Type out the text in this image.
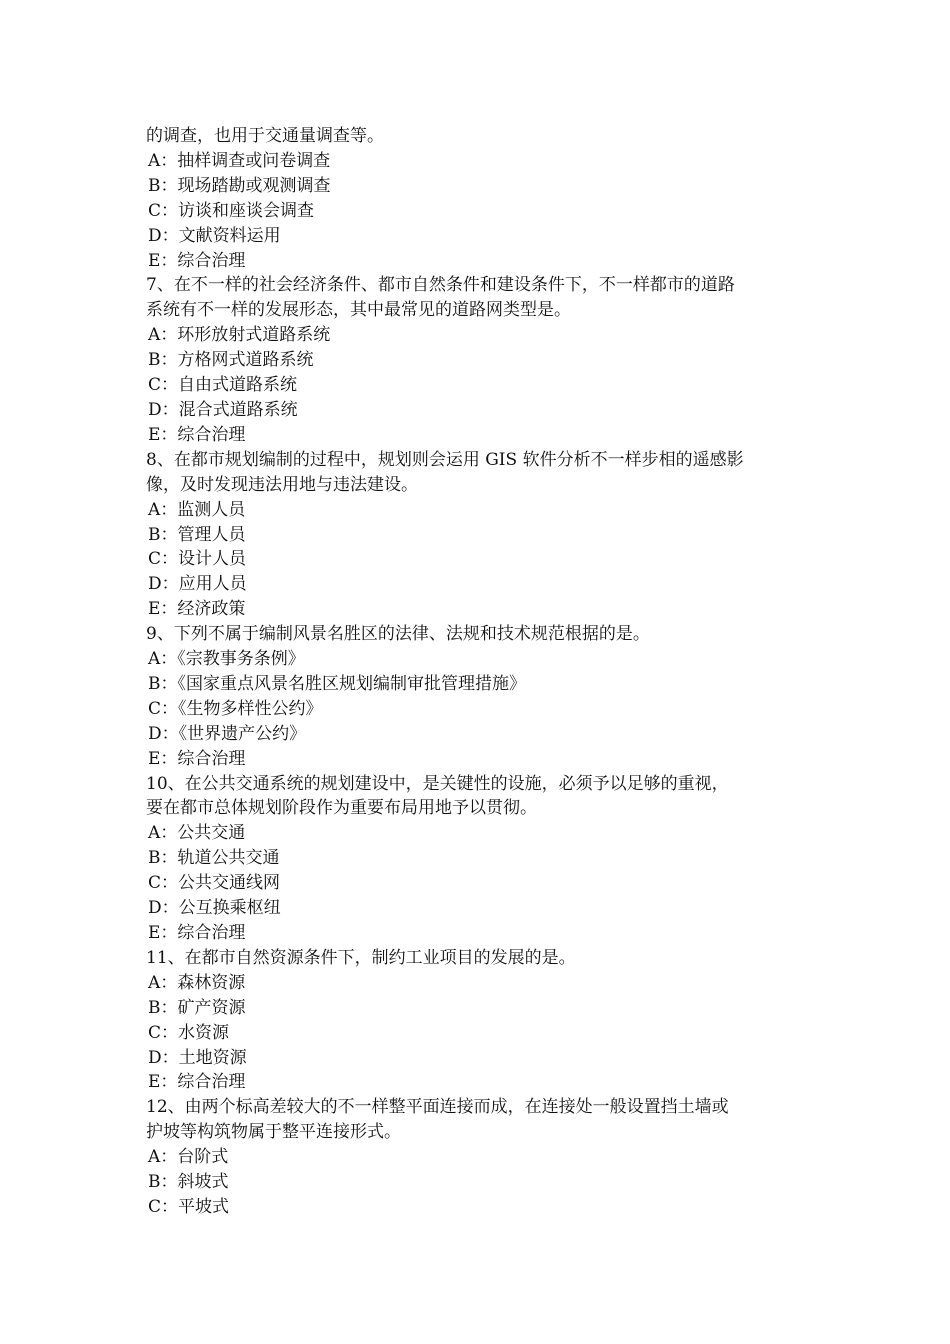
的调查，也用于交通量调查等。
A：抽样调查或问卷调查
B：现场踏勘或观测调查
C：访谈和座谈会调查
D：文献资料运用
E：综合治理
7、在不一样的社会经济条件、都市自然条件和建设条件下，不一样都市的道路
系统有不一样的发展形态，其中最常见的道路网类型是。
A：环形放射式道路系统
B：方格网式道路系统
C：自由式道路系统
D：混合式道路系统
E：综合治理
8、在都市规划编制的过程中，规划则会运用 GIS 软件分析不一样步相的遥感影
像，及时发现违法用地与违法建设。
A：监测人员
B：管理人员
C：设计人员
D：应用人员
E：经济政策
9、下列不属于编制风景名胜区的法律、法规和技术规范根据的是。
A：《宗教事务条例》
B：《国家重点风景名胜区规划编制审批管理措施》
C：《生物多样性公约》
D：《世界遗产公约》
E：综合治理
10、在公共交通系统的规划建设中，是关键性的设施，必须予以足够的重视，
要在都市总体规划阶段作为重要布局用地予以贯彻。
A：公共交通
B：轨道公共交通
C：公共交通线网
D：公互换乘枢纽
E：综合治理
11、在都市自然资源条件下，制约工业项目的发展的是。
A：森林资源
B：矿产资源
C：水资源
D：土地资源
E：综合治理
12、由两个标高差较大的不一样整平面连接而成，在连接处一般设置挡土墙或
护坡等构筑物属于整平连接形式。
A：台阶式
B：斜坡式
C：平坡式
